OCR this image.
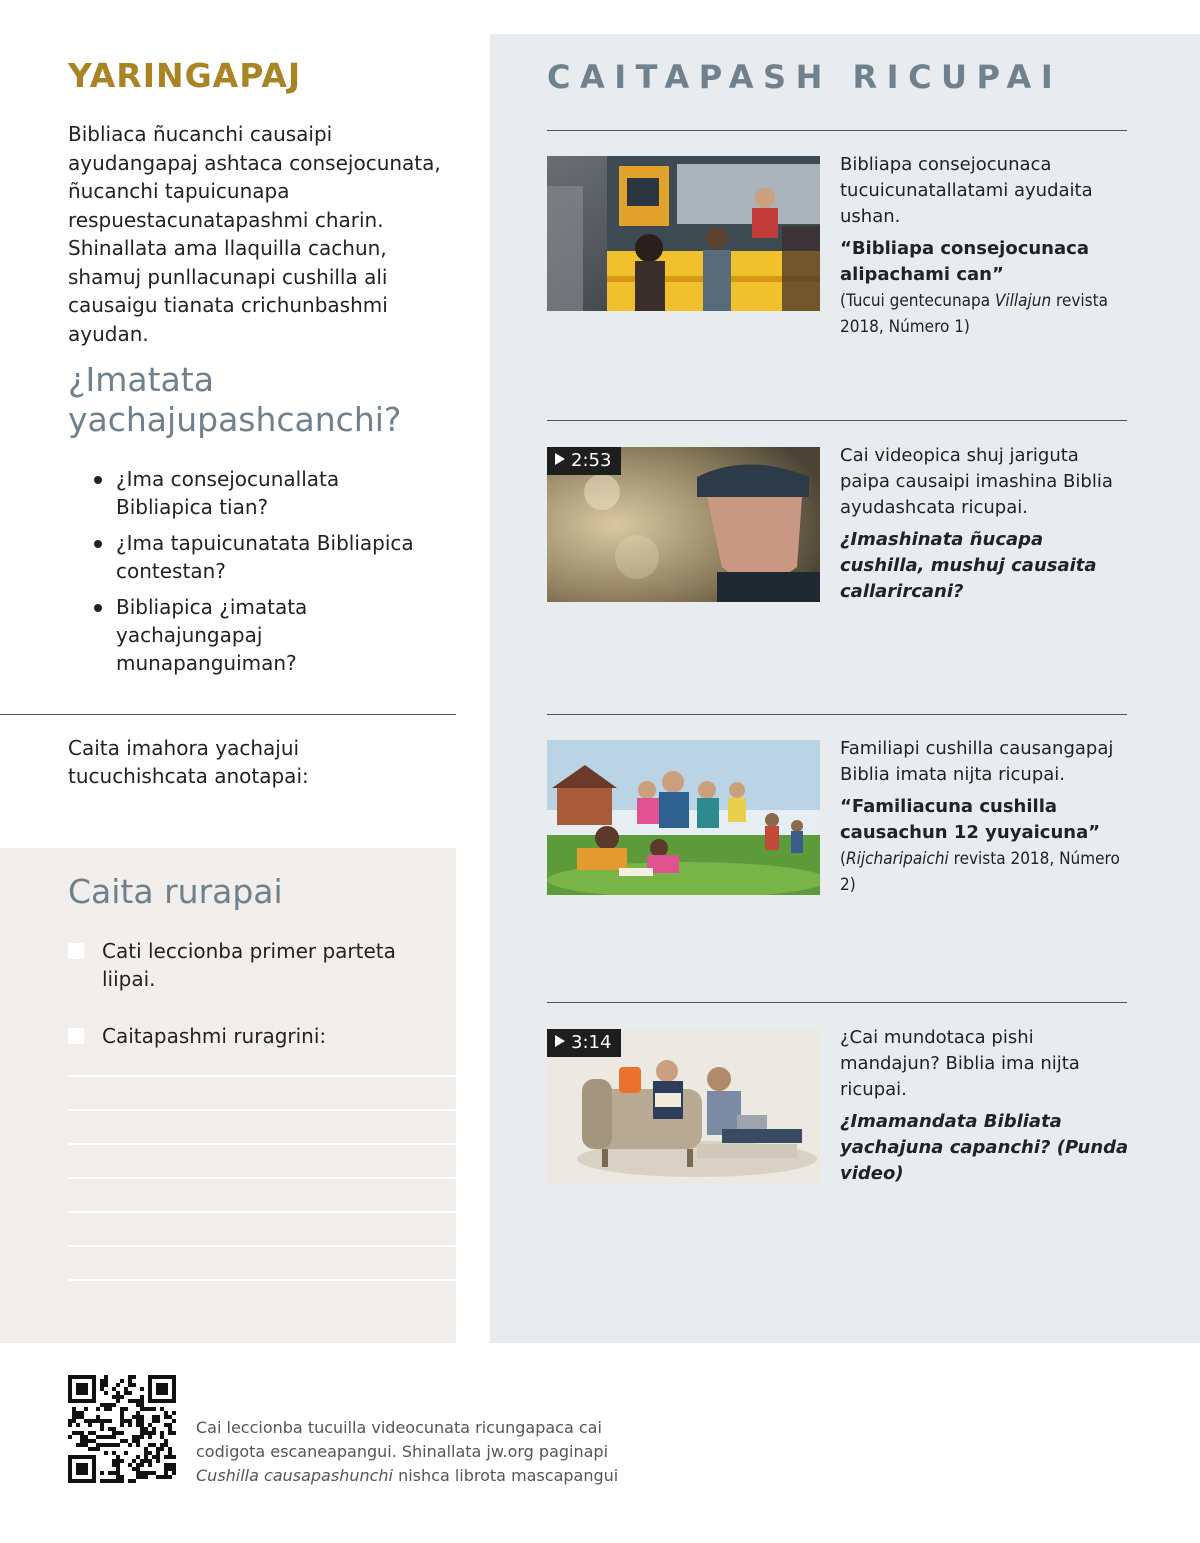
YARINGAPAJ
Bibliaca ñucanchi causaipi ayudangapaj ashtaca consejocunata, ñucanchi tapuicunapa respuestacunatapashmi charin. Shinallata ama llaquilla cachun, shamuj punllacunapi cushilla ali causaigu tianata crichunbashmi ayudan.
¿Imatata yachajupashcanchi?
¿Ima consejocunallata Bibliapica tian?
¿Ima tapuicunatata Bibliapica contestan?
Bibliapica ¿imatata yachajungapaj munapanguiman?
Caita imahora yachajui tucuchishcata anotapai:
Caita rurapai
Cati leccionba primer parteta liipai.
Caitapashmi ruragrini:
CAITAPASH RICUPAI
Bibliapa consejocunaca tucuicunatallatami ayudaita ushan.
“Bibliapa consejocunaca alipachami can”
(Tucui gentecunapa Villajun revista 2018, Número 1)
2:53	Cai videopica shuj jariguta paipa causaipi imashina Biblia ayudashcata ricupai.
¿Imashinata ñucapa cushilla, mushuj causaita callarircani?
Familiapi cushilla causangapaj Biblia imata nijta ricupai.
“Familiacuna cushilla causachun 12 yuyaicuna”
(Rijcharipaichi revista 2018, Número 2)
3:14	¿Cai mundotaca pishi mandajun? Biblia ima nijta ricupai.
¿Imamandata Bibliata yachajuna capanchi? (Punda video)
Cai leccionba tucuilla videocunata ricungapaca cai codigota escaneapangui. Shinallata jw.org paginapi Cushilla causapashunchi nishca librota mascapangui
